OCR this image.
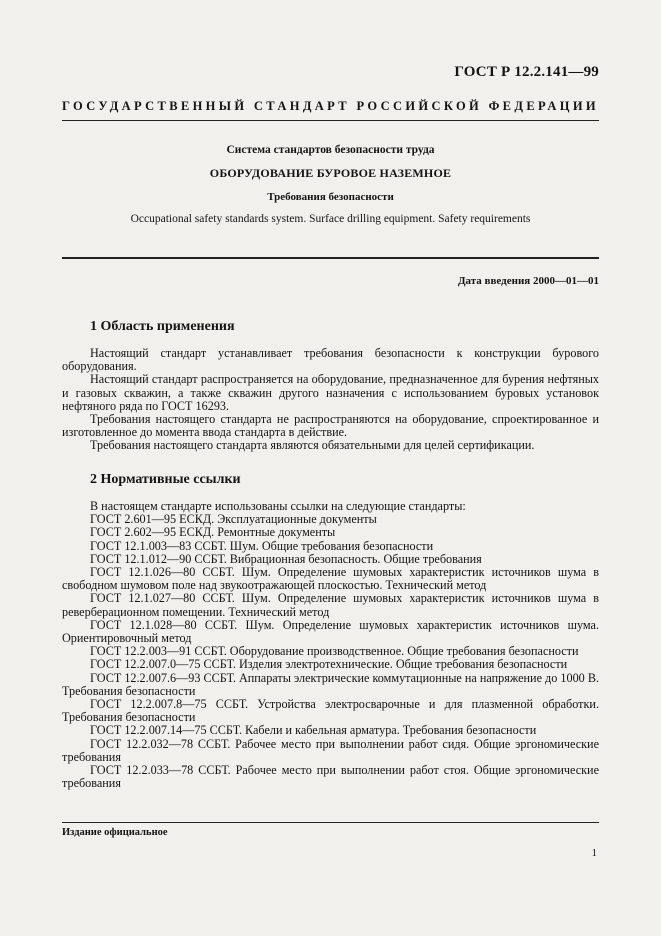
ГОСТ Р 12.2.141—99
ГОСУДАРСТВЕННЫЙ СТАНДАРТ РОССИЙСКОЙ ФЕДЕРАЦИИ
Система стандартов безопасности труда
ОБОРУДОВАНИЕ БУРОВОЕ НАЗЕМНОЕ
Требования безопасности
Occupational safety standards system. Surface drilling equipment. Safety requirements
Дата введения 2000—01—01
1 Область применения

Настоящий стандарт устанавливает требования безопасности к конструкции бурового оборудования.

Настоящий стандарт распространяется на оборудование, предназначенное для бурения нефтяных и газовых скважин, а также скважин другого назначения с использованием буровых установок нефтяного ряда по ГОСТ 16293.

Требования настоящего стандарта не распространяются на оборудование, спроектированное и изготовленное до момента ввода стандарта в действие.

Требования настоящего стандарта являются обязательными для целей сертификации.

2 Нормативные ссылки

В настоящем стандарте использованы ссылки на следующие стандарты:

ГОСТ 2.601—95 ЕСКД. Эксплуатационные документы

ГОСТ 2.602—95 ЕСКД. Ремонтные документы

ГОСТ 12.1.003—83 ССБТ. Шум. Общие требования безопасности

ГОСТ 12.1.012—90 ССБТ. Вибрационная безопасность. Общие требования

ГОСТ 12.1.026—80 ССБТ. Шум. Определение шумовых характеристик источников шума в свободном шумовом поле над звукоотражающей плоскостью. Технический метод

ГОСТ 12.1.027—80 ССБТ. Шум. Определение шумовых характеристик источников шума в реверберационном помещении. Технический метод

ГОСТ 12.1.028—80 ССБТ. Шум. Определение шумовых характеристик источников шума. Ориентировочный метод

ГОСТ 12.2.003—91 ССБТ. Оборудование производственное. Общие требования безопасности

ГОСТ 12.2.007.0—75 ССБТ. Изделия электротехнические. Общие требования безопасности

ГОСТ 12.2.007.6—93 ССБТ. Аппараты электрические коммутационные на напряжение до 1000 В. Требования безопасности

ГОСТ 12.2.007.8—75 ССБТ. Устройства электросварочные и для плазменной обработки. Требования безопасности

ГОСТ 12.2.007.14—75 ССБТ. Кабели и кабельная арматура. Требования безопасности

ГОСТ 12.2.032—78 ССБТ. Рабочее место при выполнении работ сидя. Общие эргономические требования

ГОСТ 12.2.033—78 ССБТ. Рабочее место при выполнении работ стоя. Общие эргономические требования

Издание официальное
1
